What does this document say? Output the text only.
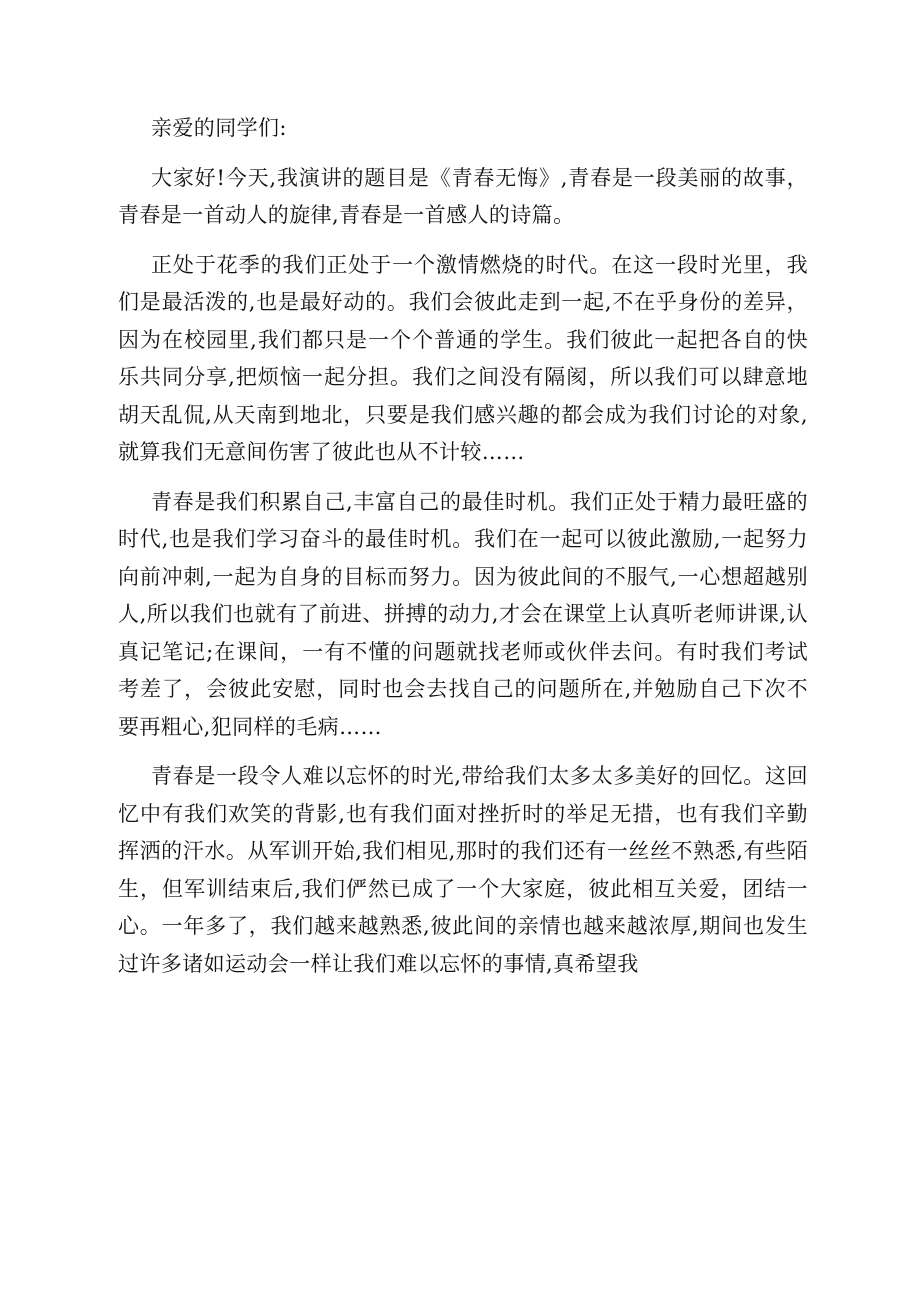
亲爱的同学们:

大家好!今天,我演讲的题目是《青春无悔》,青春是一段美丽的故事，青春是一首动人的旋律,青春是一首感人的诗篇。

正处于花季的我们正处于一个激情燃烧的时代。在这一段时光里，我们是最活泼的,也是最好动的。我们会彼此走到一起,不在乎身份的差异，因为在校园里,我们都只是一个个普通的学生。我们彼此一起把各自的快乐共同分享,把烦恼一起分担。我们之间没有隔阂，所以我们可以肆意地胡天乱侃,从天南到地北，只要是我们感兴趣的都会成为我们讨论的对象,就算我们无意间伤害了彼此也从不计较……

青春是我们积累自己,丰富自己的最佳时机。我们正处于精力最旺盛的时代,也是我们学习奋斗的最佳时机。我们在一起可以彼此激励,一起努力向前冲刺,一起为自身的目标而努力。因为彼此间的不服气,一心想超越别人,所以我们也就有了前进、拼搏的动力,才会在课堂上认真听老师讲课,认真记笔记;在课间，一有不懂的问题就找老师或伙伴去问。有时我们考试考差了，会彼此安慰，同时也会去找自己的问题所在,并勉励自己下次不要再粗心,犯同样的毛病……

青春是一段令人难以忘怀的时光,带给我们太多太多美好的回忆。这回忆中有我们欢笑的背影,也有我们面对挫折时的举足无措，也有我们辛勤挥洒的汗水。从军训开始,我们相见,那时的我们还有一丝丝不熟悉,有些陌生，但军训结束后,我们俨然已成了一个大家庭，彼此相互关爱，团结一心。一年多了，我们越来越熟悉,彼此间的亲情也越来越浓厚,期间也发生过许多诸如运动会一样让我们难以忘怀的事情,真希望我
